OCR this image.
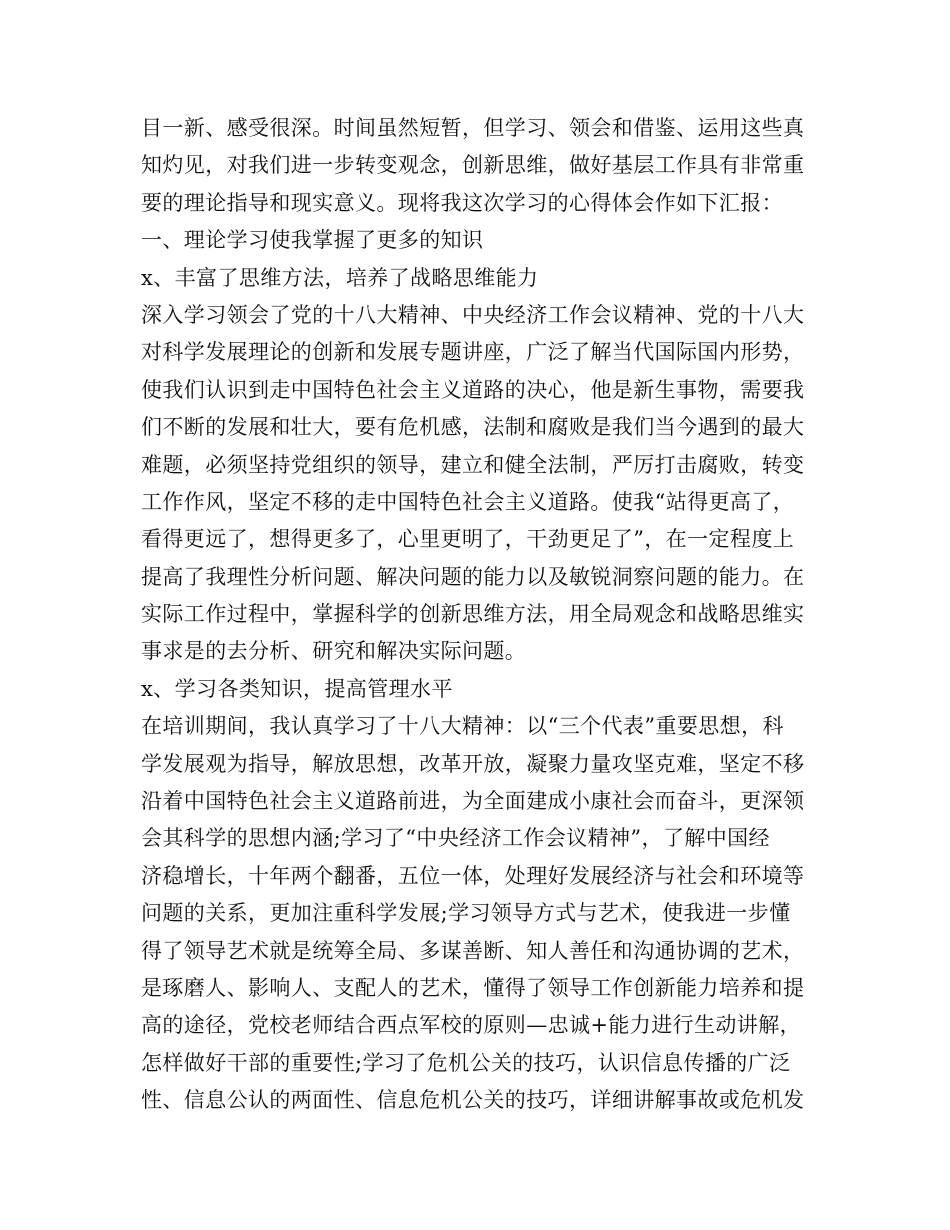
目一新、感受很深。时间虽然短暂，但学习、领会和借鉴、运用这些真
知灼见，对我们进一步转变观念，创新思维，做好基层工作具有非常重
要的理论指导和现实意义。现将我这次学习的心得体会作如下汇报：
一、理论学习使我掌握了更多的知识
x、丰富了思维方法，培养了战略思维能力
深入学习领会了党的十八大精神、中央经济工作会议精神、党的十八大
对科学发展理论的创新和发展专题讲座，广泛了解当代国际国内形势，
使我们认识到走中国特色社会主义道路的决心，他是新生事物，需要我
们不断的发展和壮大，要有危机感，法制和腐败是我们当今遇到的最大
难题，必须坚持党组织的领导，建立和健全法制，严厉打击腐败，转变
工作作风，坚定不移的走中国特色社会主义道路。使我“站得更高了，
看得更远了，想得更多了，心里更明了，干劲更足了”，在一定程度上
提高了我理性分析问题、解决问题的能力以及敏锐洞察问题的能力。在
实际工作过程中，掌握科学的创新思维方法，用全局观念和战略思维实
事求是的去分析、研究和解决实际问题。
x、学习各类知识，提高管理水平
在培训期间，我认真学习了十八大精神：以“三个代表”重要思想，科
学发展观为指导，解放思想，改革开放，凝聚力量攻坚克难，坚定不移
沿着中国特色社会主义道路前进，为全面建成小康社会而奋斗，更深领
会其科学的思想内涵;学习了“中央经济工作会议精神”，了解中国经
济稳增长，十年两个翻番，五位一体，处理好发展经济与社会和环境等
问题的关系，更加注重科学发展;学习领导方式与艺术，使我进一步懂
得了领导艺术就是统筹全局、多谋善断、知人善任和沟通协调的艺术，
是琢磨人、影响人、支配人的艺术，懂得了领导工作创新能力培养和提
高的途径，党校老师结合西点军校的原则—忠诚+能力进行生动讲解，
怎样做好干部的重要性;学习了危机公关的技巧，认识信息传播的广泛
性、信息公认的两面性、信息危机公关的技巧，详细讲解事故或危机发
